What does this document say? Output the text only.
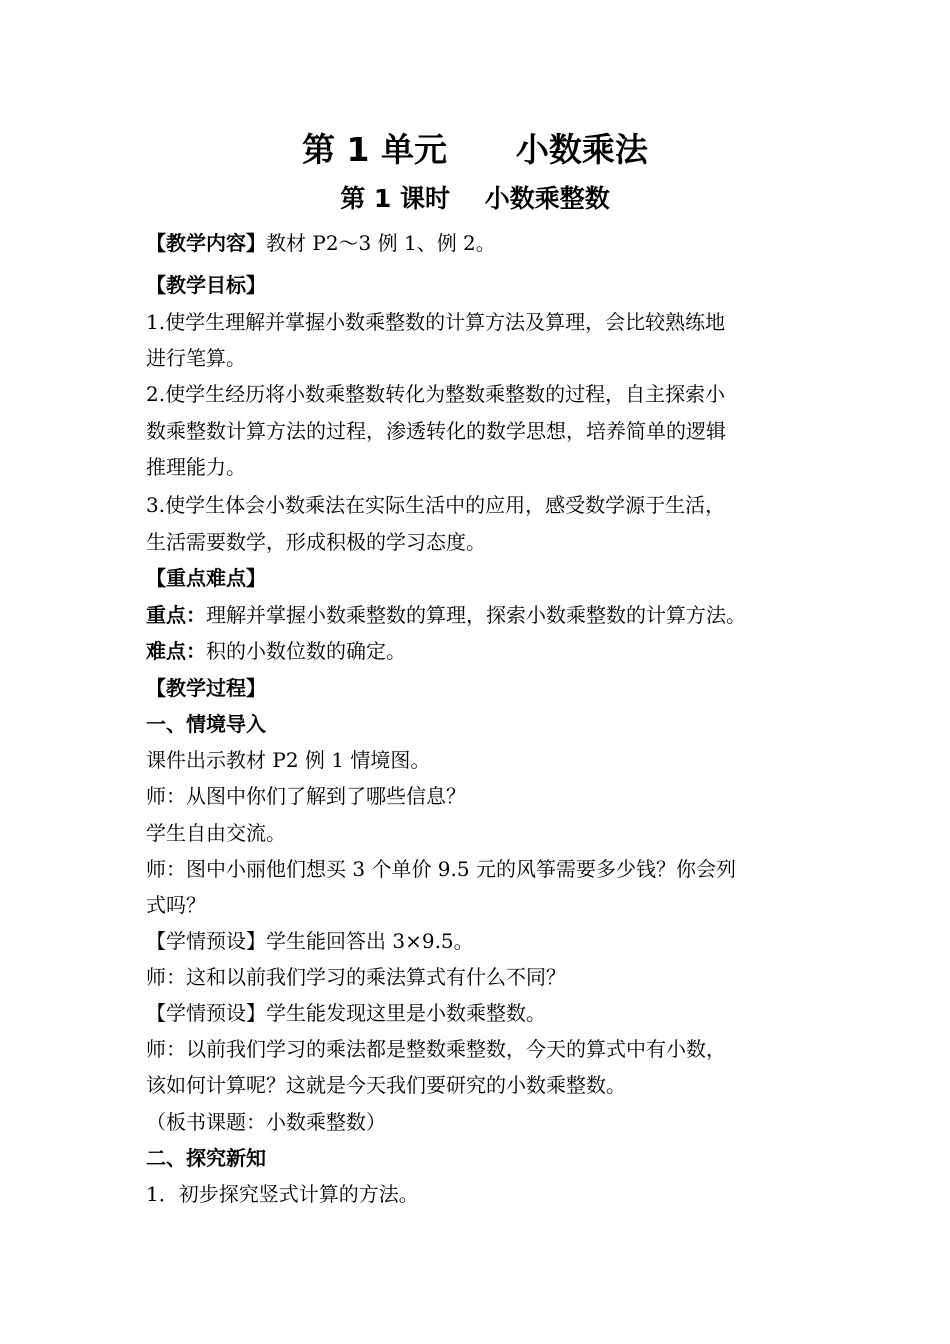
第 1 单元      小数乘法
第 1 课时    小数乘整数
【教学内容】教材 P2～3 例 1、例 2。
【教学目标】
1.使学生理解并掌握小数乘整数的计算方法及算理，会比较熟练地
进行笔算。
2.使学生经历将小数乘整数转化为整数乘整数的过程，自主探索小
数乘整数计算方法的过程，渗透转化的数学思想，培养简单的逻辑
推理能力。
3.使学生体会小数乘法在实际生活中的应用，感受数学源于生活，
生活需要数学，形成积极的学习态度。
【重点难点】
重点：理解并掌握小数乘整数的算理，探索小数乘整数的计算方法。
难点：积的小数位数的确定。
【教学过程】
一、情境导入
课件出示教材 P2 例 1 情境图。
师：从图中你们了解到了哪些信息？
学生自由交流。
师：图中小丽他们想买 3 个单价 9.5 元的风筝需要多少钱？你会列
式吗？
【学情预设】学生能回答出 3×9.5。
师：这和以前我们学习的乘法算式有什么不同？
【学情预设】学生能发现这里是小数乘整数。
师：以前我们学习的乘法都是整数乘整数，今天的算式中有小数，
该如何计算呢？这就是今天我们要研究的小数乘整数。
（板书课题：小数乘整数）
二、探究新知
1．初步探究竖式计算的方法。
